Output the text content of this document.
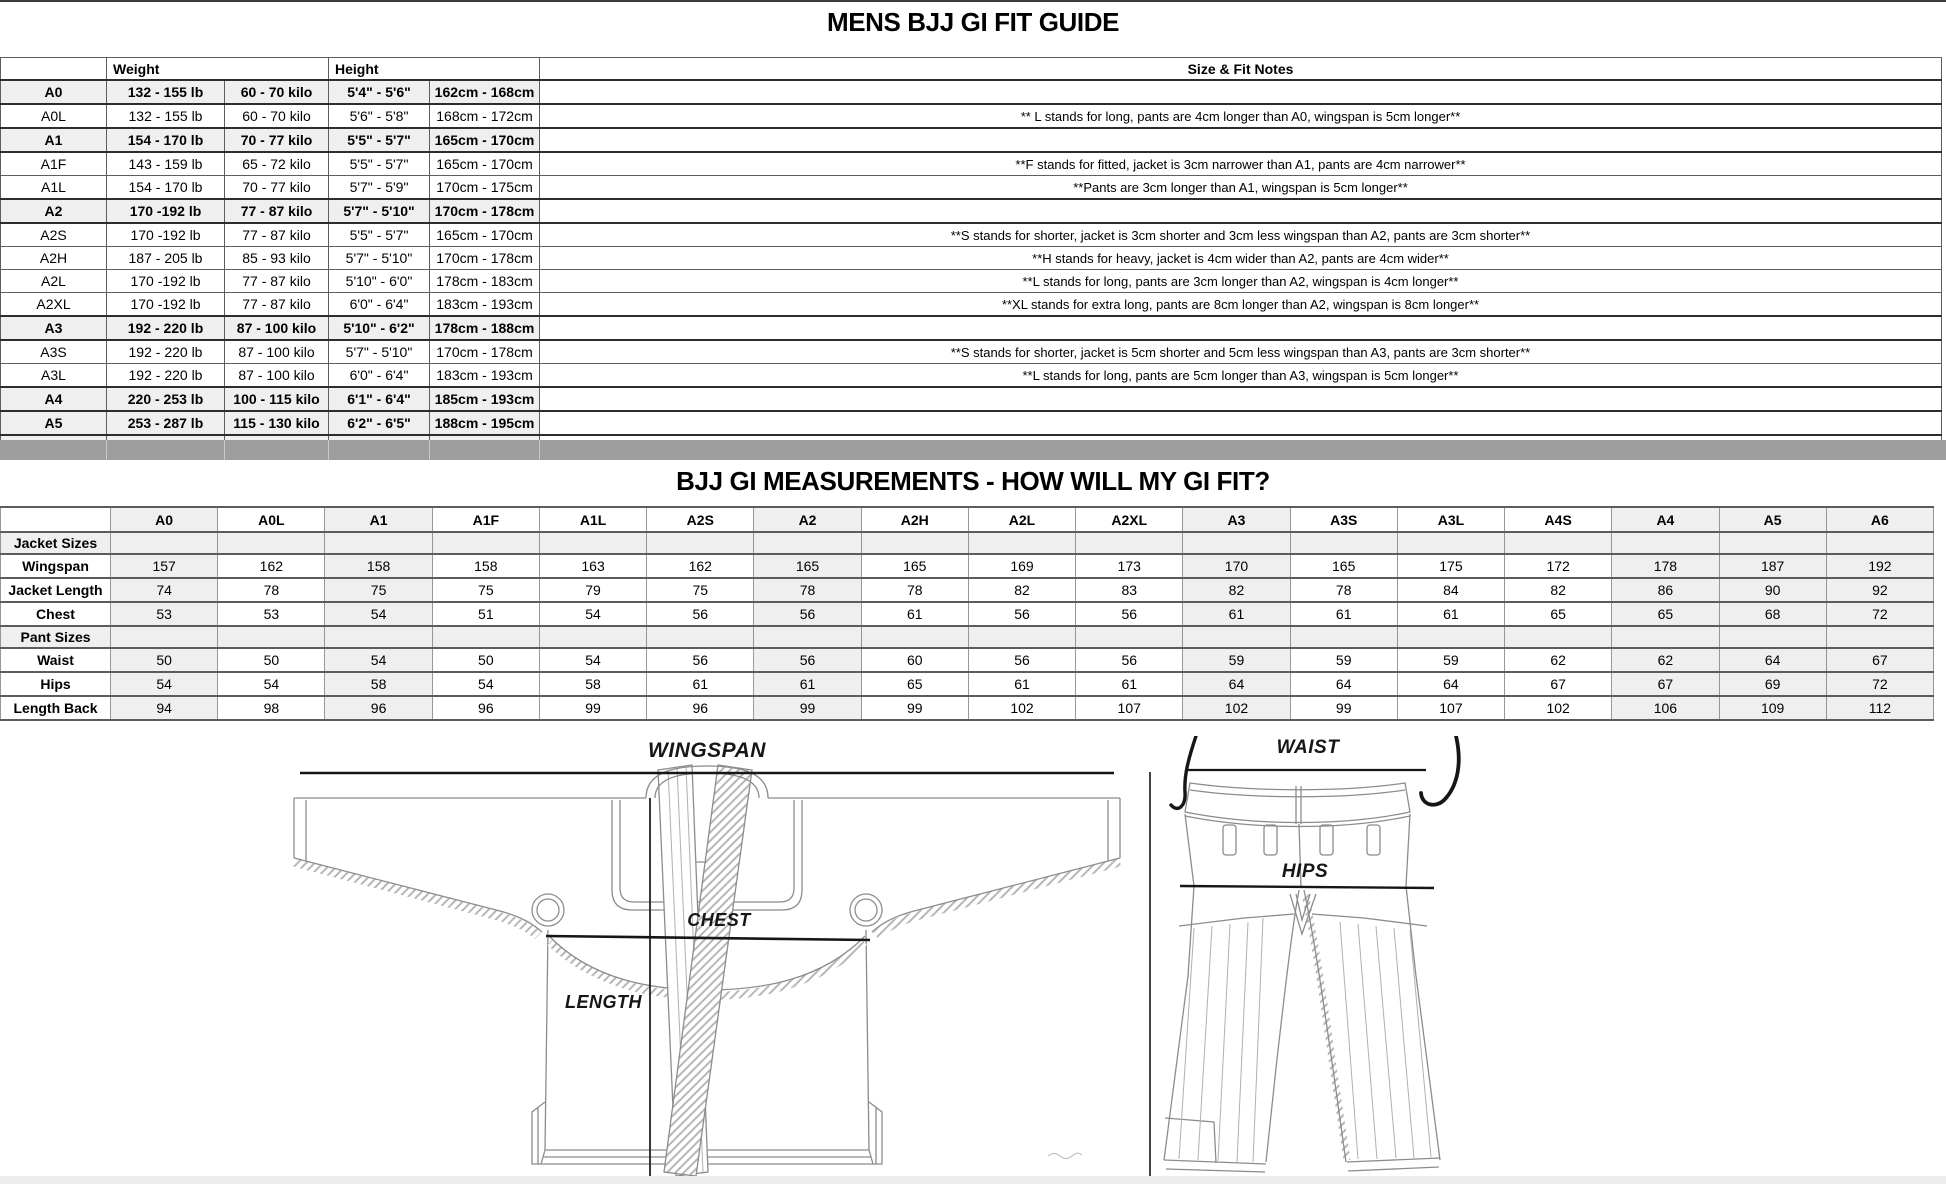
MENS BJJ GI FIT GUIDE
	Weight		Height		Size & Fit Notes
A0	132 - 155 lb	60 - 70 kilo	5'4" - 5'6"	162cm - 168cm	
A0L	132 - 155 lb	60 - 70 kilo	5'6" - 5'8"	168cm - 172cm	** L stands for long, pants are 4cm longer than A0, wingspan is 5cm longer**
A1	154 - 170 lb	70 - 77 kilo	5'5" - 5'7"	165cm - 170cm	
A1F	143 - 159 lb	65 - 72 kilo	5'5" - 5'7"	165cm - 170cm	**F stands for fitted, jacket is 3cm narrower than A1, pants are 4cm narrower**
A1L	154 - 170 lb	70 - 77 kilo	5'7" - 5'9"	170cm - 175cm	**Pants are 3cm longer than A1, wingspan is 5cm longer**
A2	170 -192 lb	77 - 87 kilo	5'7" - 5'10"	170cm - 178cm	
A2S	170 -192 lb	77 - 87 kilo	5'5" - 5'7"	165cm - 170cm	**S stands for shorter, jacket is 3cm shorter and 3cm less wingspan than A2, pants are 3cm shorter**
A2H	187 - 205 lb	85 - 93 kilo	5'7" - 5'10"	170cm - 178cm	**H stands for heavy, jacket is 4cm wider than A2, pants are 4cm wider**
A2L	170 -192 lb	77 - 87 kilo	5'10" - 6'0"	178cm - 183cm	**L stands for long, pants are 3cm longer than A2, wingspan is 4cm longer**
A2XL	170 -192 lb	77 - 87 kilo	6'0" - 6'4"	183cm - 193cm	**XL stands for extra long, pants are 8cm longer than A2, wingspan is 8cm longer**
A3	192 - 220 lb	87 - 100 kilo	5'10" - 6'2"	178cm - 188cm	
A3S	192 - 220 lb	87 - 100 kilo	5'7" - 5'10"	170cm - 178cm	**S stands for shorter, jacket is 5cm shorter and 5cm less wingspan than A3, pants are 3cm shorter**
A3L	192 - 220 lb	87 - 100 kilo	6'0" - 6'4"	183cm - 193cm	**L stands for long, pants are 5cm longer than A3, wingspan is 5cm longer**
A4	220 - 253 lb	100 - 115 kilo	6'1" - 6'4"	185cm - 193cm	
A5	253 - 287 lb	115 - 130 kilo	6'2" - 6'5"	188cm - 195cm	

BJJ GI MEASUREMENTS - HOW WILL MY GI FIT?
	A0	A0L	A1	A1F	A1L	A2S	A2	A2H	A2L	A2XL	A3	A3S	A3L	A4S	A4	A5	A6
Jacket Sizes																	
Wingspan	157	162	158	158	163	162	165	165	169	173	170	165	175	172	178	187	192
Jacket Length	74	78	75	75	79	75	78	78	82	83	82	78	84	82	86	90	92
Chest	53	53	54	51	54	56	56	61	56	56	61	61	61	65	65	68	72
Pant Sizes																	
Waist	50	50	54	50	54	56	56	60	56	56	59	59	59	62	62	64	67
Hips	54	54	58	54	58	61	61	65	61	61	64	64	64	67	67	69	72
Length Back	94	98	96	96	99	96	99	99	102	107	102	99	107	102	106	109	112
WINGSPAN
CHEST
LENGTH
WAIST
HIPS
